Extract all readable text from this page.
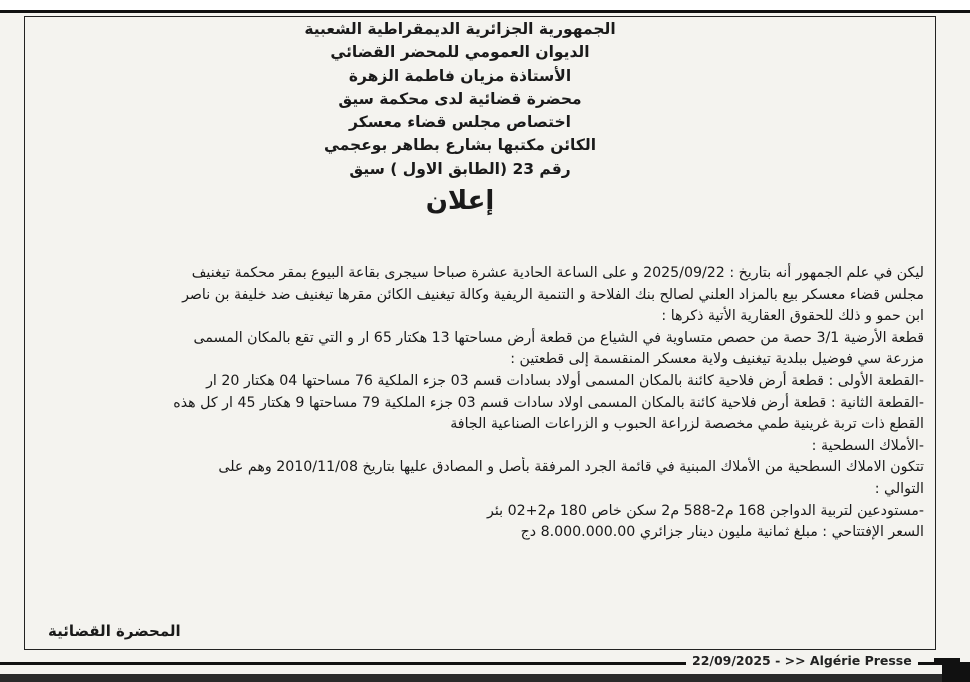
الجمهورية الجزائرية الديمقراطية الشعبية
الديوان العمومي للمحضر القضائي
الأستاذة مزيان فاطمة الزهرة
محضرة قضائية لدى محكمة سيق
اختصاص مجلس قضاء معسكر
الكائن مكتبها بشارع بطاهر بوعجمي
رقم 23 (الطابق الاول ) سيق
إعلان
ليكن في علم الجمهور أنه بتاريخ : 2025/09/22 و على الساعة الحادية عشرة صباحا سيجرى بقاعة البيوع بمقر محكمة تيغنيف
مجلس قضاء معسكر بيع بالمزاد العلني لصالح بنك الفلاحة و التنمية الريفية وكالة تيغنيف الكائن مقرها تيغنيف ضد خليفة بن ناصر
ابن حمو و ذلك للحقوق العقارية الأتية ذكرها :
قطعة الأرضية 3/1 حصة من حصص متساوية في الشياع من قطعة أرض مساحتها 13 هكتار 65 ار و التي تقع بالمكان المسمى
مزرعة سي فوضيل ببلدية تيغنيف ولاية معسكر المنقسمة إلى قطعتين :
-القطعة الأولى : قطعة أرض فلاحية كائنة بالمكان المسمى أولاد بسادات قسم 03 جزء الملكية 76 مساحتها 04 هكتار 20 ار
-القطعة الثانية : قطعة أرض فلاحية كائنة بالمكان المسمى اولاد سادات قسم 03 جزء الملكية 79 مساحتها 9 هكتار 45 ار كل هذه
القطع ذات تربة غرينية طمي مخصصة لزراعة الحبوب و الزراعات الصناعية الجافة
-الأملاك السطحية :
تتكون الاملاك السطحية من الأملاك المبنية في قائمة الجرد المرفقة بأصل و المصادق عليها بتاريخ 2010/11/08 وهم على
التوالي :
-مستودعين لتربية الدواجن 168 م2-588 م2 سكن خاص 180 م2+02 بئر
السعر الإفتتاحي : مبلغ ثمانية مليون دينار جزائري 8.000.000.00 دج
المحضرة القضائية
22/09/2025 - >> Algérie Presse
